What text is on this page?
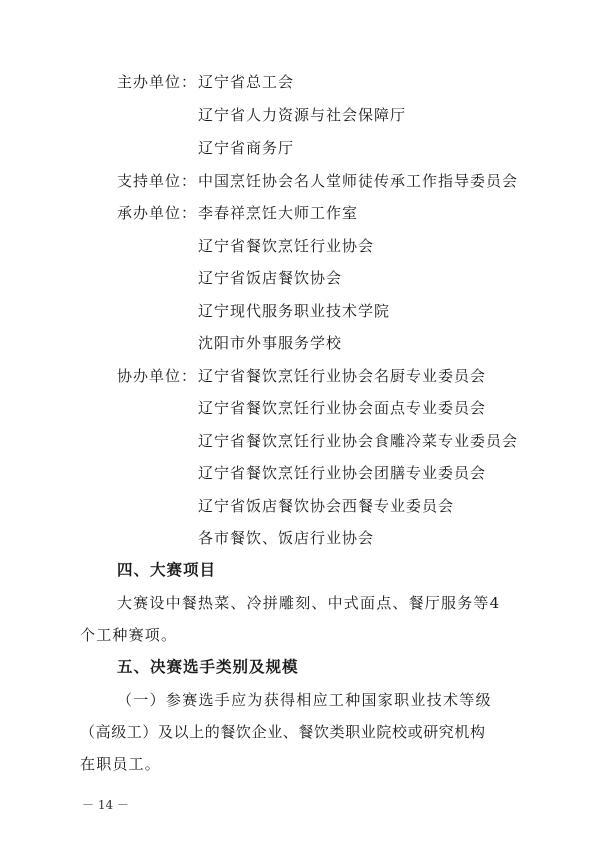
主办单位： 辽宁省总工会
辽宁省人力资源与社会保障厅
辽宁省商务厅
支持单位： 中国烹饪协会名人堂师徒传承工作指导委员会
承办单位： 李春祥烹饪大师工作室
辽宁省餐饮烹饪行业协会
辽宁省饭店餐饮协会
辽宁现代服务职业技术学院
沈阳市外事服务学校
协办单位： 辽宁省餐饮烹饪行业协会名厨专业委员会
辽宁省餐饮烹饪行业协会面点专业委员会
辽宁省餐饮烹饪行业协会食雕冷菜专业委员会
辽宁省餐饮烹饪行业协会团膳专业委员会
辽宁省饭店餐饮协会西餐专业委员会
各市餐饮、饭店行业协会
四、大赛项目
大赛设中餐热菜、冷拼雕刻、中式面点、餐厅服务等4
个工种赛项。
五、决赛选手类别及规模
（一）参赛选手应为获得相应工种国家职业技术等级
（高级工）及以上的餐饮企业、餐饮类职业院校或研究机构
在职员工。
－ 14 －
